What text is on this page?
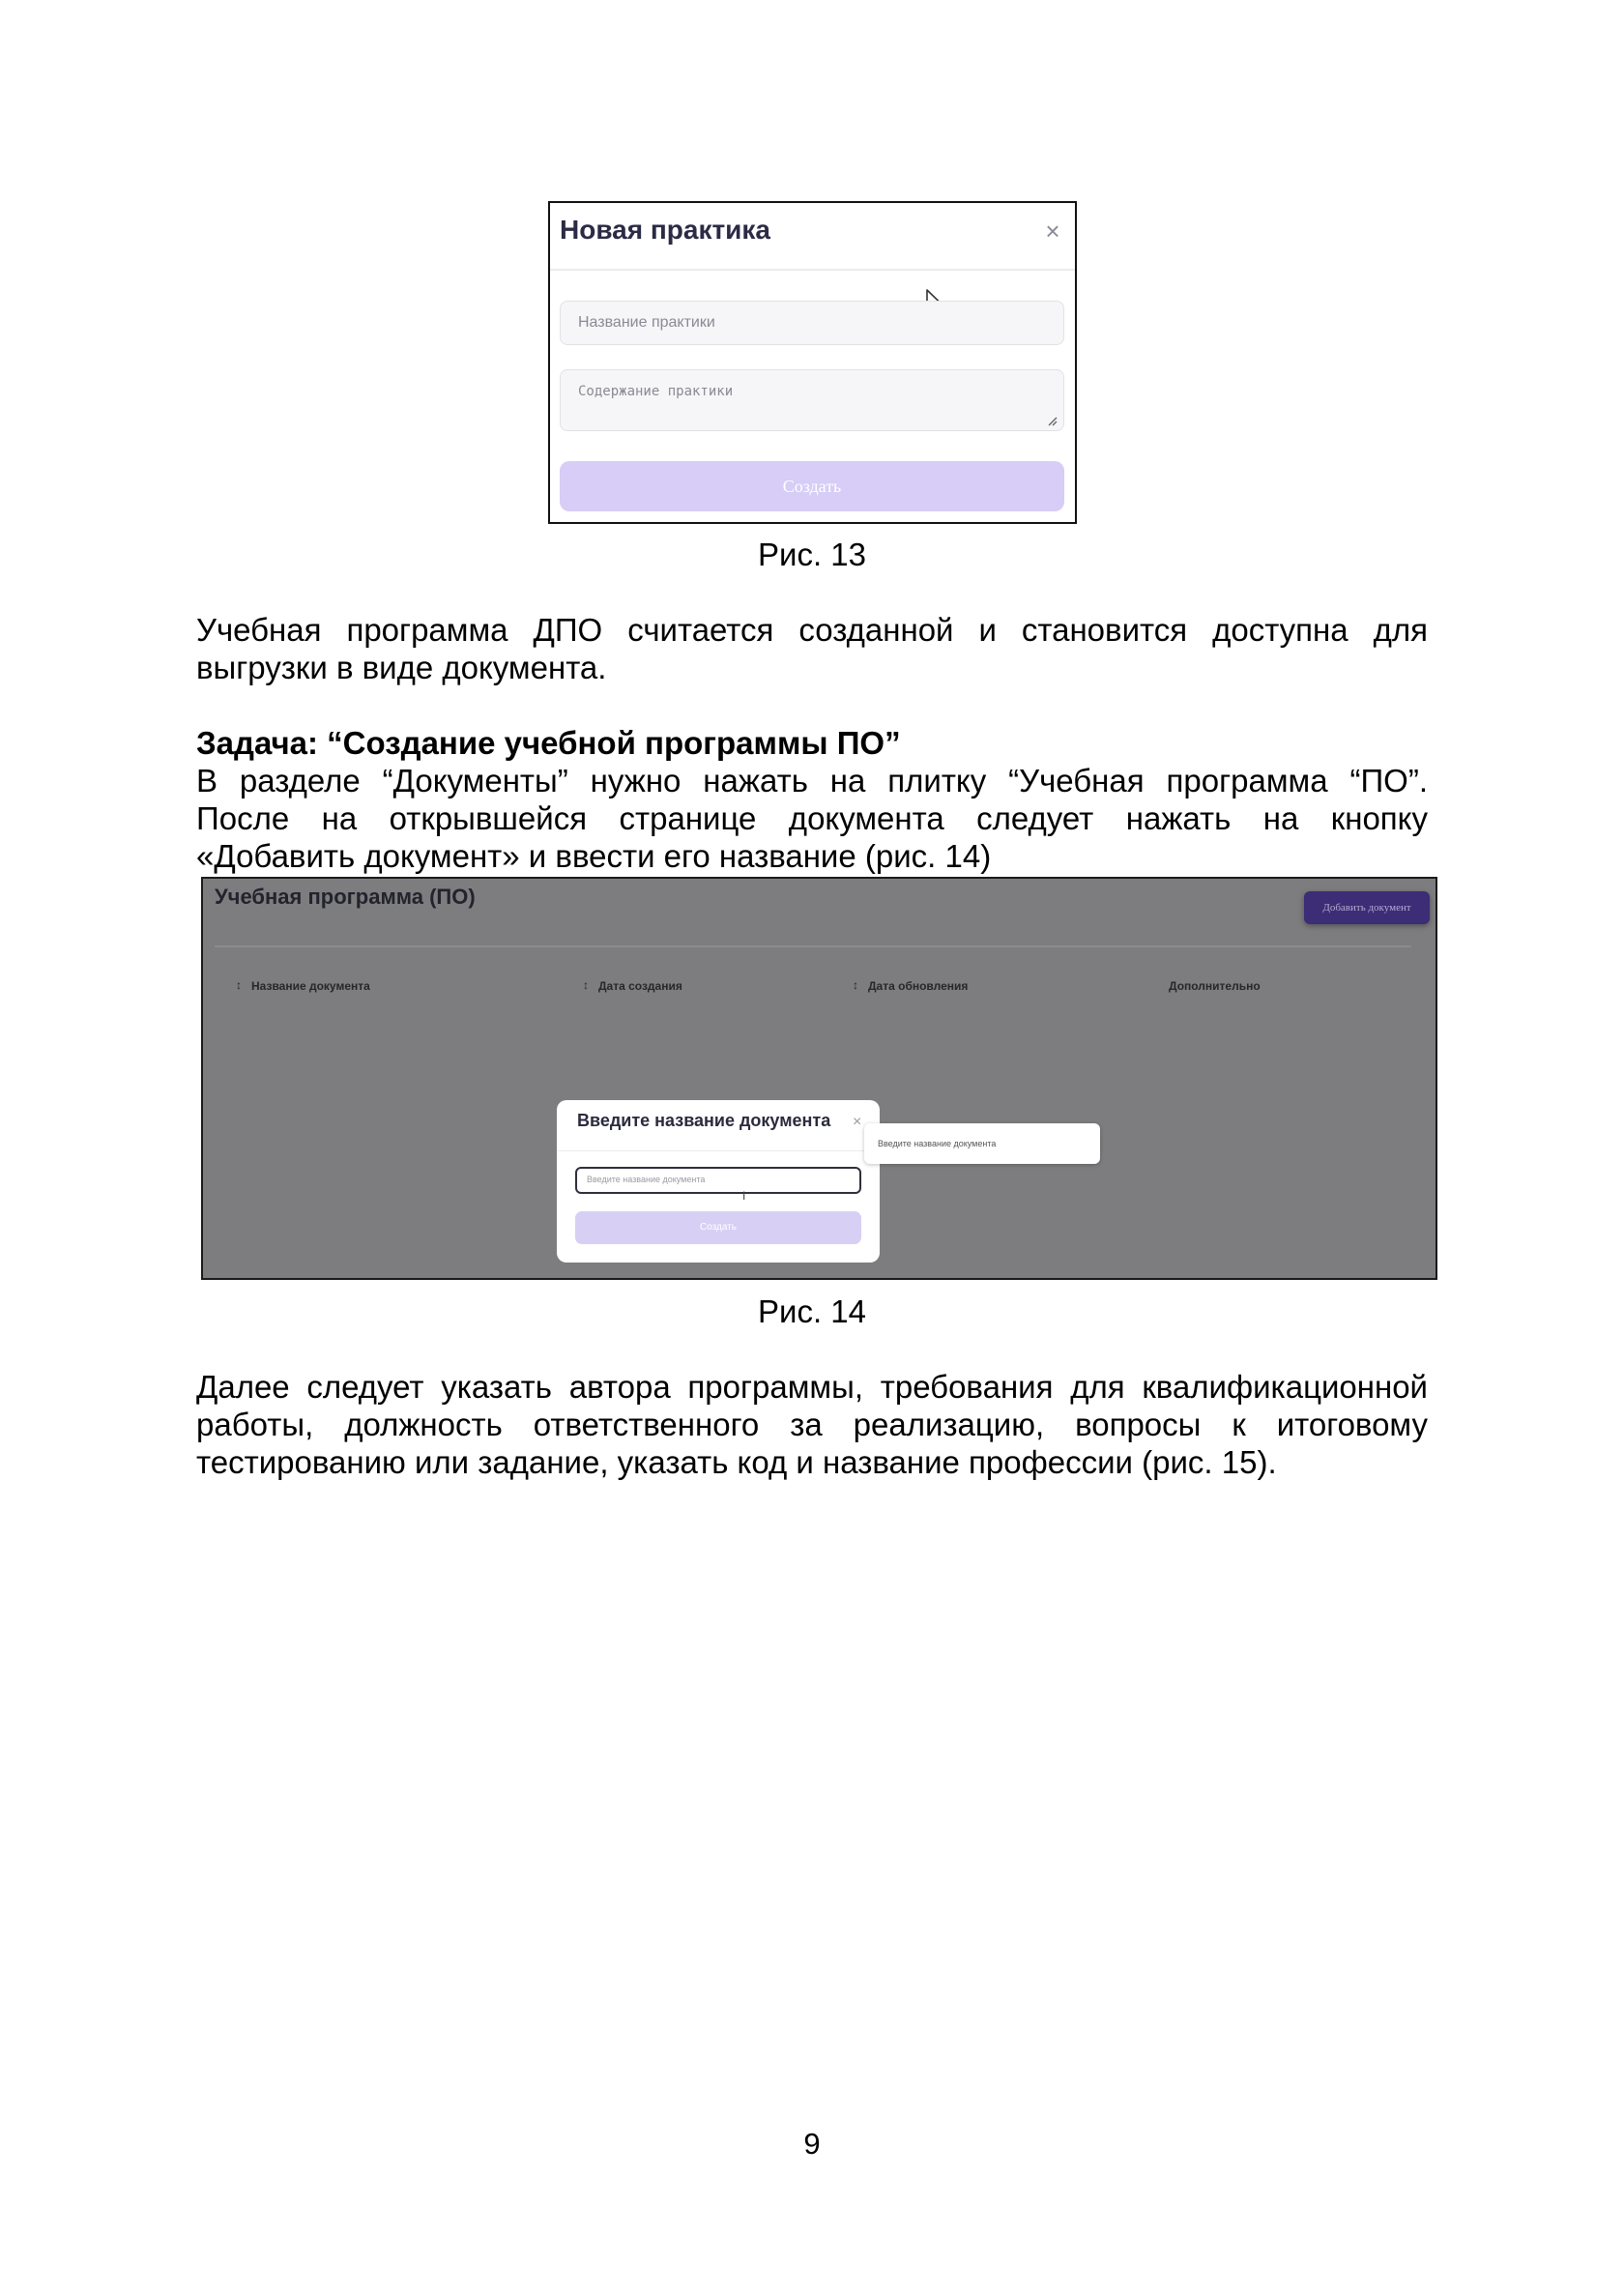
Новая практика	×
Название практики
Содержание практики
Создать
Рис. 13
Учебная программа ДПО считается созданной и становится доступна для
выгрузки в виде документа.
Задача: “Создание учебной программы ПО”
В разделе “Документы” нужно нажать на плитку “Учебная программа “ПО”.
После на открывшейся странице документа следует нажать на кнопку
«Добавить документ» и ввести его название (рис. 14)
Учебная программа (ПО)	Добавить документ
↕ Название документа	↕ Дата создания	↕ Дата обновления	Дополнительно
Введите название документа ×
Введите название документа
I
Создать
Введите название документа
Рис. 14
Далее следует указать автора программы, требования для квалификационной
работы, должность ответственного за реализацию, вопросы к итоговому
тестированию или задание, указать код и название профессии (рис. 15).
9
